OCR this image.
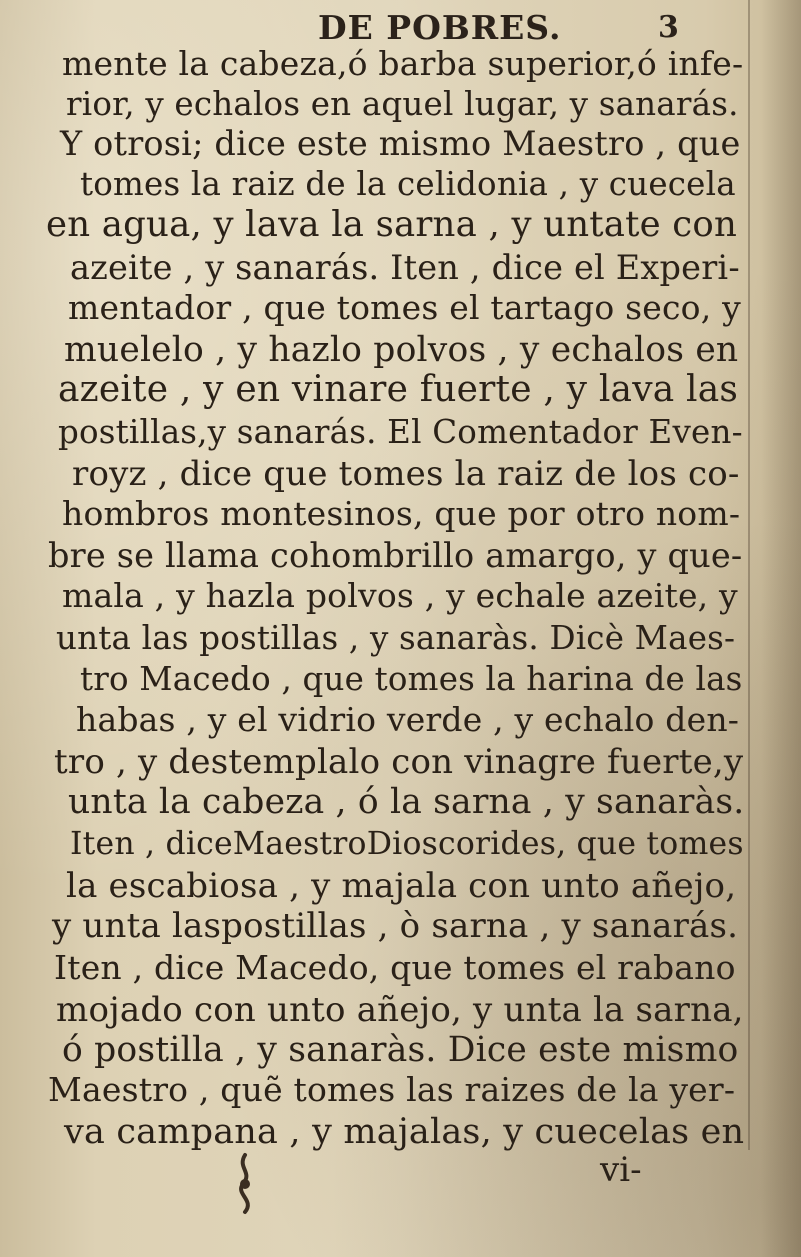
DE POBRES.	3
mente la cabeza,ó barba superior,ó infe-
rior, y echalos en aquel lugar, y sanarás.
Y otrosi; dice este mismo Maestro , que
tomes la raiz de la celidonia , y cuecela
en agua, y lava la sarna , y untate con
azeite , y sanarás. Iten , dice el Experi-
mentador , que tomes el tartago seco, y
muelelo , y hazlo polvos , y echalos en
azeite , y en vinare fuerte , y lava las
postillas,y sanarás. El Comentador Even-
royz , dice que tomes la raiz de los co-
hombros montesinos, que por otro nom-
bre se llama cohombrillo amargo, y que-
mala , y hazla polvos , y echale azeite, y
unta las postillas , y sanaràs. Dicè Maes-
tro Macedo , que tomes la harina de las
habas , y el vidrio verde , y echalo den-
tro , y destemplalo con vinagre fuerte,y
unta la cabeza , ó la sarna , y sanaràs.
Iten , diceMaestroDioscorides, que tomes
la escabiosa , y majala con unto añejo,
y unta laspostillas , ò sarna , y sanarás.
Iten , dice Macedo, que tomes el rabano
mojado con unto añejo, y unta la sarna,
ó postilla , y sanaràs. Dice este mismo
Maestro , quẽ tomes las raizes de la yer-
va campana , y majalas, y cuecelas en
vi-
